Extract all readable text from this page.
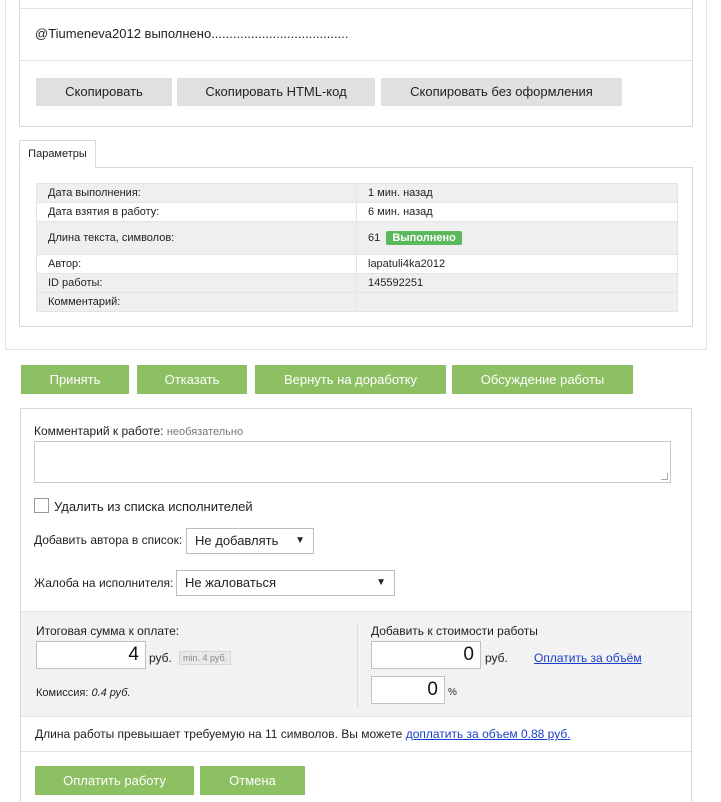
@Tiumeneva2012 выполнено......................................
Скопировать	Скопировать HTML-код	Скопировать без оформления
Параметры
Дата выполнения:	1 мин. назад
Дата взятия в работу:	6 мин. назад
Длина текста, символов:	61 Выполнено
Автор:	lapatuli4ka2012
ID работы:	145592251
Комментарий:	
Принять	Отказать	Вернуть на доработку	Обсуждение работы
Комментарий к работе: необязательно
Удалить из списка исполнителей
Добавить автора в список: Не добавлять ▼
Жалоба на исполнителя: Не жаловаться	▼
Итоговая сумма к оплате:
4 руб.	min. 4 руб.
Комиссия: 0.4 руб.
Добавить к стоимости работы
0 руб. Оплатить за объём
0	%
Длина работы превышает требуемую на 11 символов. Вы можете доплатить за объем 0.88 руб.
Оплатить работу	Отмена
